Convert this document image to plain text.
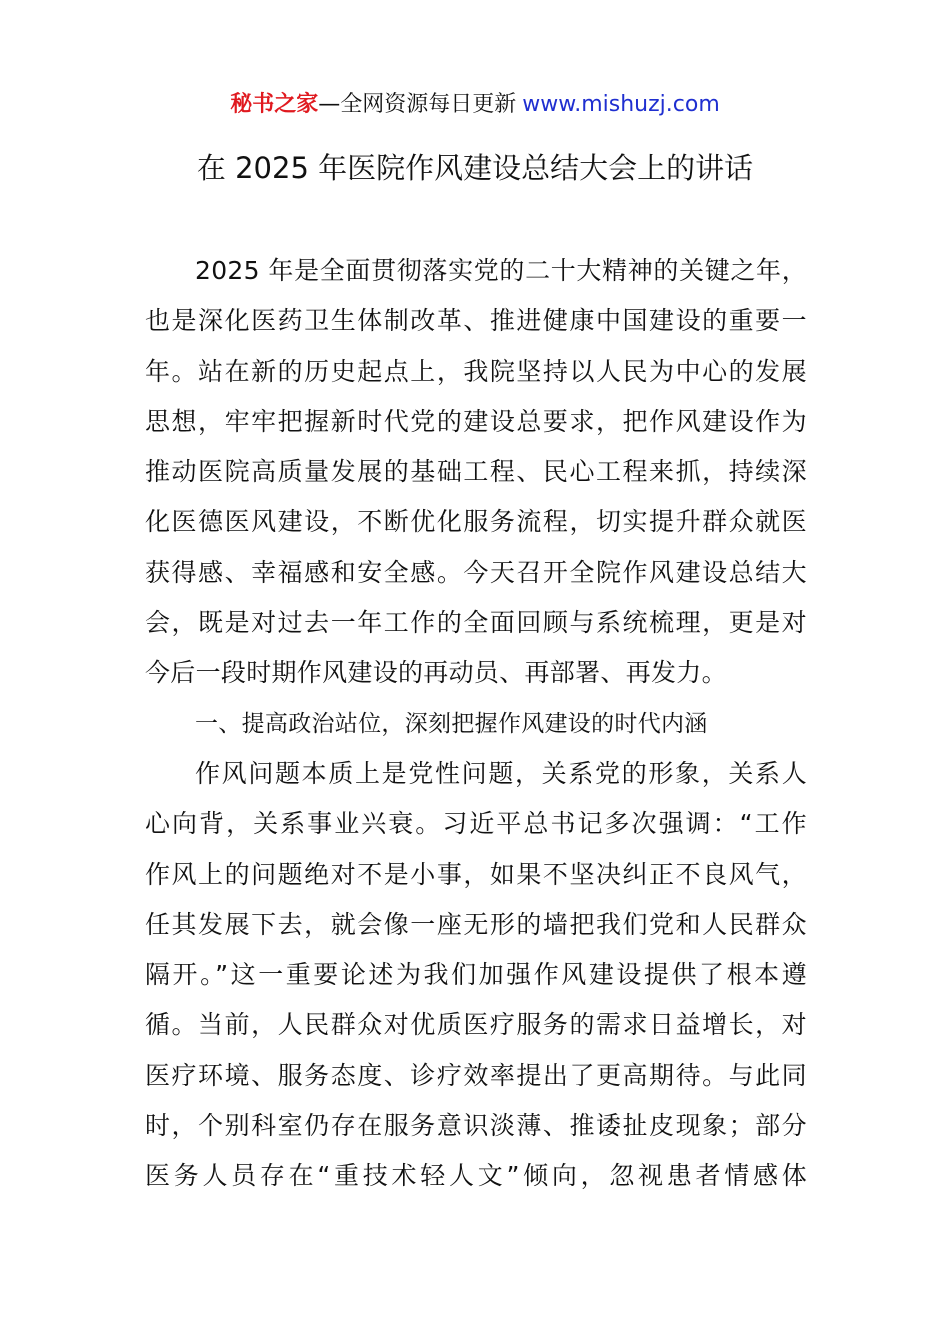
秘书之家—全网资源每日更新 www.mishuzj.com
在 2025 年医院作风建设总结大会上的讲话
2025 年是全面贯彻落实党的二十大精神的关键之年，
也是深化医药卫生体制改革、推进健康中国建设的重要一
年。站在新的历史起点上，我院坚持以人民为中心的发展
思想，牢牢把握新时代党的建设总要求，把作风建设作为
推动医院高质量发展的基础工程、民心工程来抓，持续深
化医德医风建设，不断优化服务流程，切实提升群众就医
获得感、幸福感和安全感。今天召开全院作风建设总结大
会，既是对过去一年工作的全面回顾与系统梳理，更是对
今后一段时期作风建设的再动员、再部署、再发力。
一、提高政治站位，深刻把握作风建设的时代内涵
作风问题本质上是党性问题，关系党的形象，关系人
心向背，关系事业兴衰。习近平总书记多次强调：“工作
作风上的问题绝对不是小事，如果不坚决纠正不良风气，
任其发展下去，就会像一座无形的墙把我们党和人民群众
隔开。”这一重要论述为我们加强作风建设提供了根本遵
循。当前，人民群众对优质医疗服务的需求日益增长，对
医疗环境、服务态度、诊疗效率提出了更高期待。与此同
时，个别科室仍存在服务意识淡薄、推诿扯皮现象；部分
医务人员存在“重技术轻人文”倾向，忽视患者情感体
